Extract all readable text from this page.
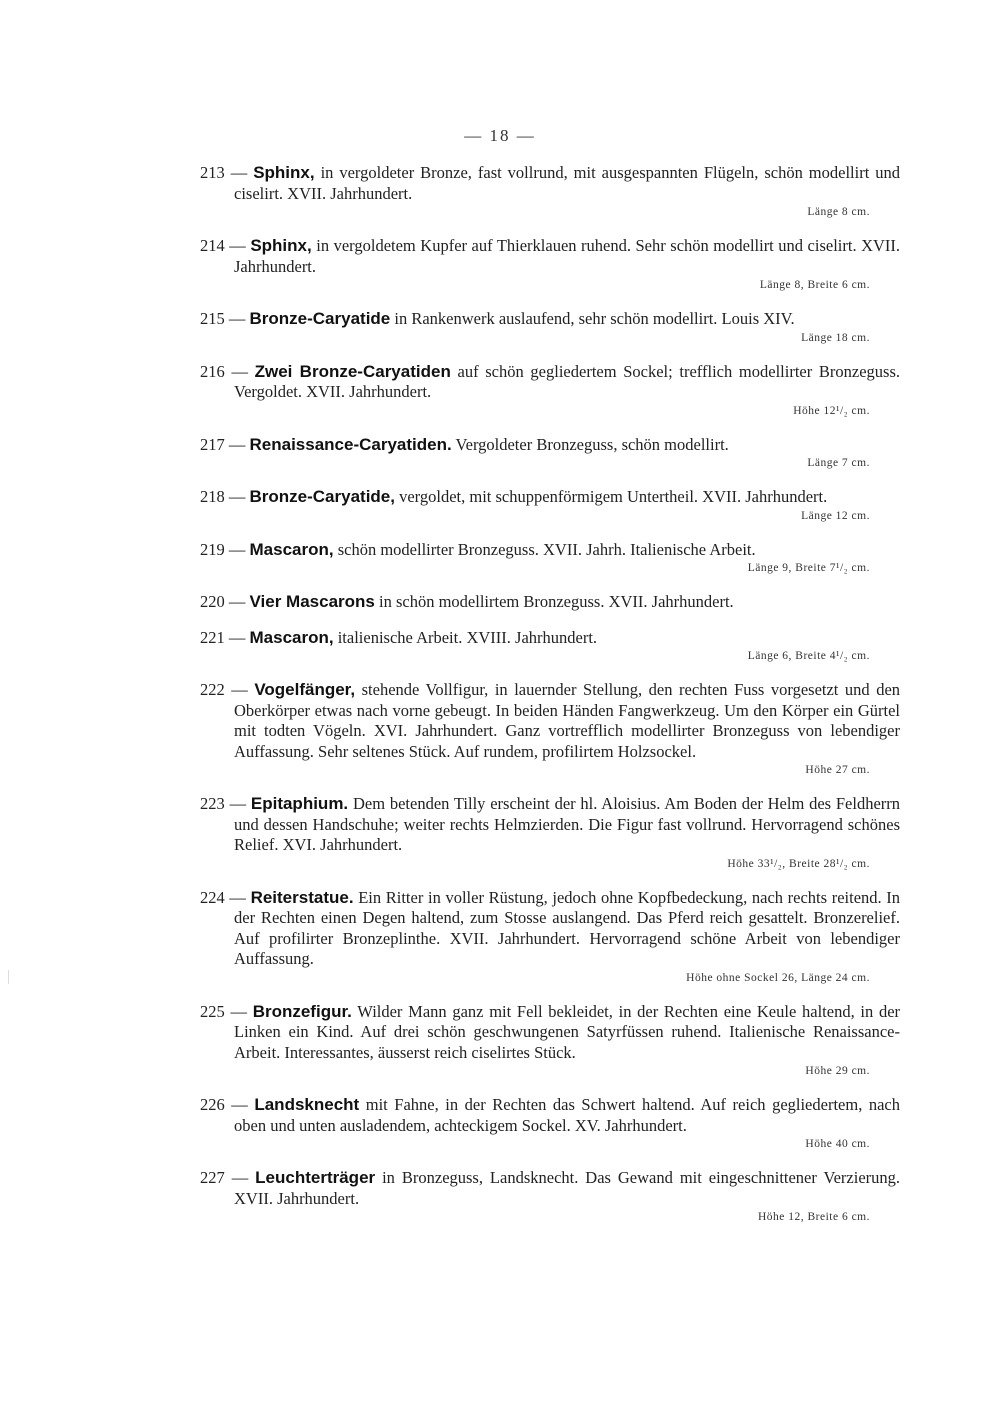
— 18 —
213 — Sphinx, in vergoldeter Bronze, fast vollrund, mit ausgespannten Flügeln, schön modellirt und ciselirt. XVII. Jahrhundert.
Länge 8 cm.
214 — Sphinx, in vergoldetem Kupfer auf Thierklauen ruhend. Sehr schön modellirt und ciselirt. XVII. Jahrhundert.
Länge 8, Breite 6 cm.
215 — Bronze-Caryatide in Rankenwerk auslaufend, sehr schön modellirt. Louis XIV.
Länge 18 cm.
216 — Zwei Bronze-Caryatiden auf schön gegliedertem Sockel; trefflich modellirter Bronzeguss. Vergoldet. XVII. Jahrhundert.
Höhe 12¹/₂ cm.
217 — Renaissance-Caryatiden. Vergoldeter Bronzeguss, schön modellirt.
Länge 7 cm.
218 — Bronze-Caryatide, vergoldet, mit schuppenförmigem Untertheil. XVII. Jahrhundert.
Länge 12 cm.
219 — Mascaron, schön modellirter Bronzeguss. XVII. Jahrh. Italienische Arbeit.
Länge 9, Breite 7¹/₂ cm.
220 — Vier Mascarons in schön modellirtem Bronzeguss. XVII. Jahrhundert.
221 — Mascaron, italienische Arbeit. XVIII. Jahrhundert.
Länge 6, Breite 4¹/₂ cm.
222 — Vogelfänger, stehende Vollfigur, in lauernder Stellung, den rechten Fuss vorgesetzt und den Oberkörper etwas nach vorne gebeugt. In beiden Händen Fangwerkzeug. Um den Körper ein Gürtel mit todten Vögeln. XVI. Jahrhundert. Ganz vortrefflich modellirter Bronzeguss von lebendiger Auffassung. Sehr seltenes Stück. Auf rundem, profilirtem Holzsockel.
Höhe 27 cm.
223 — Epitaphium. Dem betenden Tilly erscheint der hl. Aloisius. Am Boden der Helm des Feldherrn und dessen Handschuhe; weiter rechts Helmzierden. Die Figur fast vollrund. Hervorragend schönes Relief. XVI. Jahrhundert.
Höhe 33¹/₂, Breite 28¹/₂ cm.
224 — Reiterstatue. Ein Ritter in voller Rüstung, jedoch ohne Kopfbedeckung, nach rechts reitend. In der Rechten einen Degen haltend, zum Stosse auslangend. Das Pferd reich gesattelt. Bronzerelief. Auf profilirter Bronzeplinthe. XVII. Jahrhundert. Hervorragend schöne Arbeit von lebendiger Auffassung.
Höhe ohne Sockel 26, Länge 24 cm.
225 — Bronzefigur. Wilder Mann ganz mit Fell bekleidet, in der Rechten eine Keule haltend, in der Linken ein Kind. Auf drei schön geschwungenen Satyrfüssen ruhend. Italienische Renaissance-Arbeit. Interessantes, äusserst reich ciselirtes Stück.
Höhe 29 cm.
226 — Landsknecht mit Fahne, in der Rechten das Schwert haltend. Auf reich gegliedertem, nach oben und unten ausladendem, achteckigem Sockel. XV. Jahrhundert.
Höhe 40 cm.
227 — Leuchterträger in Bronzeguss, Landsknecht. Das Gewand mit eingeschnittener Verzierung. XVII. Jahrhundert.
Höhe 12, Breite 6 cm.
